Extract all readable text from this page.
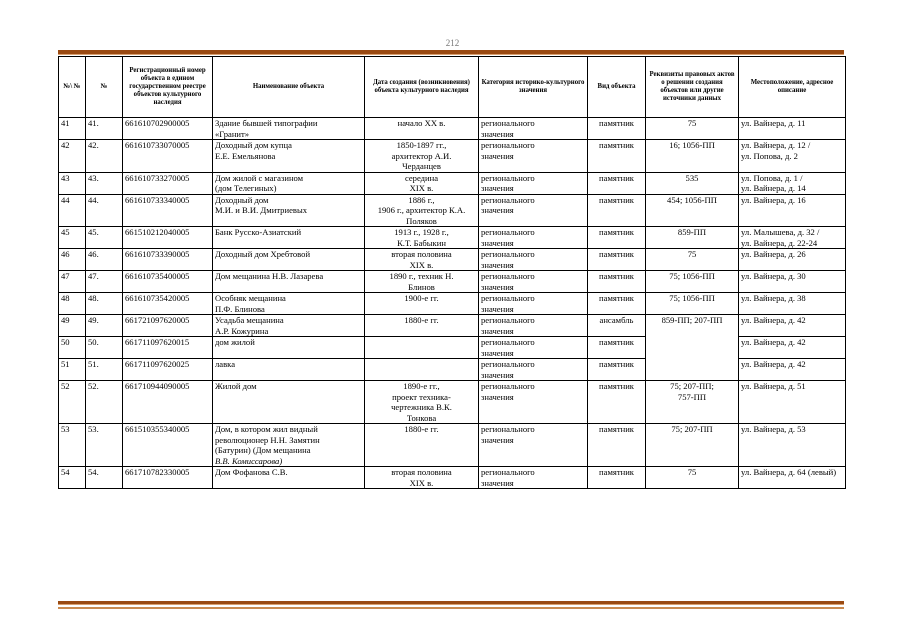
212
№\ №	№	Регистрационный номер объекта в едином государственном реестре объектов культурного наследия	Наименование объекта	Дата создания (возникновения) объекта культурного наследия	Категория историко-культурного значения	Вид объекта	Реквизиты правовых актов о решении создания объектов или другие источники данных	Местоположение, адресное описание
41	41.	661610702900005	Здание бывшей типографии
«Гранит»	начало XX в.	регионального
значения	памятник	75	ул. Вайнера, д. 11

42	42.	661610733070005	Доходный дом купца
Е.Е. Емельянова	1850-1897 гг.,
архитектор А.И.
Черданцев	регионального
значения	памятник	16; 1056-ПП	ул. Вайнера, д. 12 /
ул. Попова, д. 2

43	43.	661610733270005	Дом жилой с магазином
(дом Телегиных)	середина
XIX в.	регионального
значения	памятник	535	ул. Попова, д. 1 /
ул. Вайнера, д. 14

44	44.	661610733340005	Доходный дом
М.И. и В.И. Дмитриевых	1886 г.,
1906 г., архитектор К.А.
Поляков	регионального
значения	памятник	454; 1056-ПП	ул. Вайнера, д. 16

45	45.	661510212040005	Банк Русско-Азиатский	1913 г., 1928 г.,
К.Т. Бабыкин	регионального
значения	памятник	859-ПП	ул. Малышева, д. 32 /
ул. Вайнера, д. 22-24

46	46.	661610733390005	Доходный дом Хребтовой	вторая половина
XIX в.	регионального
значения	памятник	75	ул. Вайнера, д. 26

47	47.	661610735400005	Дом мещанина Н.В. Лазарева	1890 г., техник Н.
Блинов	регионального
значения	памятник	75; 1056-ПП	ул. Вайнера, д. 30

48	48.	661610735420005	Особняк мещанина
П.Ф. Блинова	1900-е гг.	регионального
значения	памятник	75; 1056-ПП	ул. Вайнера, д. 38

49	49.	661721097620005	Усадьба мещанина
А.Р. Кожурина	1880-е гг.	регионального
значения	ансамбль	859-ПП; 207-ПП	ул. Вайнера, д. 42

50	50.	661711097620015	дом жилой		регионального
значения	памятник		ул. Вайнера, д. 42

51	51.	661711097620025	лавка		регионального
значения	памятник		ул. Вайнера, д. 42

52	52.	661710944090005	Жилой дом	1890-е гг.,
проект техника-
чертежника В.К.
Тонкова	регионального
значения	памятник	75; 207-ПП;
757-ПП	ул. Вайнера, д. 51

53	53.	661510355340005	Дом, в котором жил видный
революционер Н.Н. Замятин
(Батурин) (Дом мещанина
В.В. Комиссарова)	1880-е гг.	регионального
значения	памятник	75; 207-ПП	ул. Вайнера, д. 53

54	54.	661710782330005	Дом Фофанова С.В.	вторая половина
XIX в.	регионального
значения	памятник	75	ул. Вайнера, д. 64 (левый)
